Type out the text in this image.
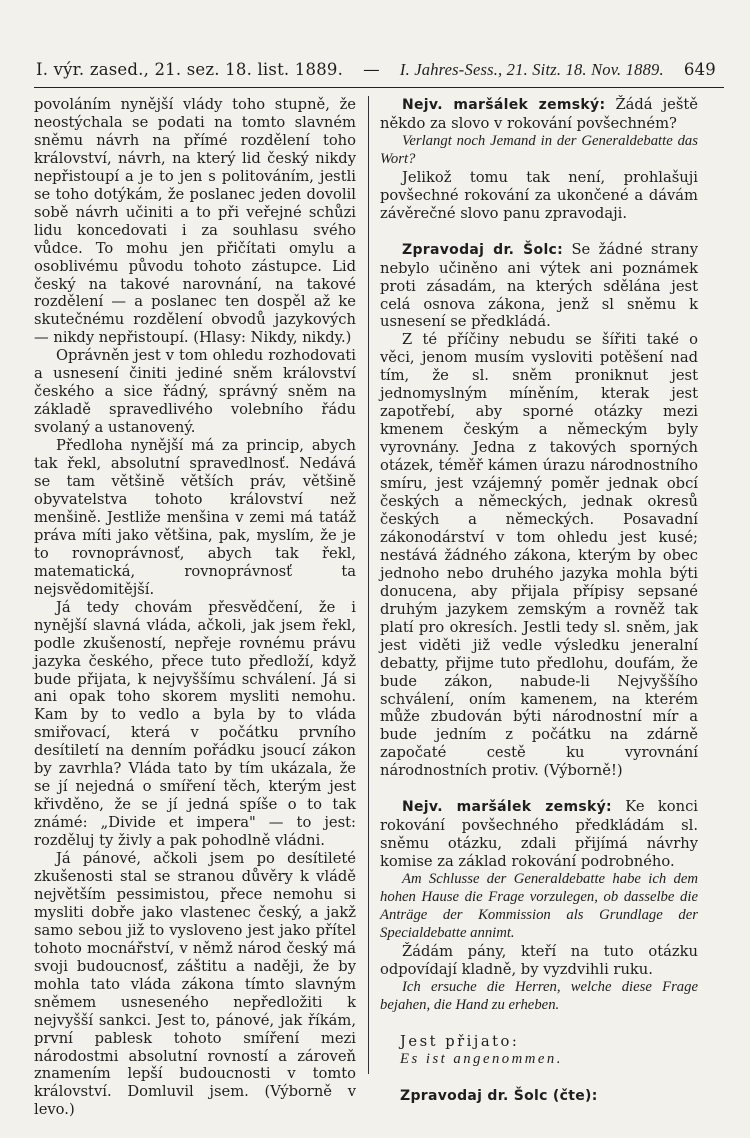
I. výr. zased., 21. sez. 18. list. 1889. — I. Jahres-Sess., 21. Sitz. 18. Nov. 1889. 649

povoláním nynější vlády toho stupně, že neostýchala se podati na tomto slavném sněmu návrh na přímé rozdělení toho království, návrh, na který lid český nikdy nepřistoupí a je to jen s politováním, jestli se toho dotýkám, že poslanec jeden dovolil sobě návrh učiniti a to při veřejné schůzi lidu koncedovati i za souhlasu svého vůdce. To mohu jen přičítati omylu a osoblivému původu tohoto zástupce. Lid český na takové narovnání, na takové rozdělení — a poslanec ten dospěl až ke skutečnému rozdělení obvodů jazykových — nikdy nepřistoupí. (Hlasy: Nikdy, nikdy.)

Oprávněn jest v tom ohledu rozhodovati a usnesení činiti jediné sněm království českého a sice řádný, správný sněm na základě spravedlivého volebního řádu svolaný a ustanovený.

Předloha nynější má za princip, abych tak řekl, absolutní spravedlnosť. Nedává se tam většině větších práv, většině obyvatelstva tohoto království než menšině. Jestliže menšina v zemi má tatáž práva míti jako většina, pak, myslím, že je to rovnoprávnosť, abych tak řekl, matematická, rovnoprávnosť ta nejsvědomitější.

Já tedy chovám přesvědčení, že i nynější slavná vláda, ačkoli, jak jsem řekl, podle zkušeností, nepřeje rovnému právu jazyka českého, přece tuto předloží, když bude přijata, k nejvyššímu schválení. Já si ani opak toho skorem mysliti nemohu. Kam by to vedlo a byla by to vláda smiřovací, která v počátku prvního desítiletí na denním pořádku jsoucí zákon by zavrhla? Vláda tato by tím ukázala, že se jí nejedná o smíření těch, kterým jest křivděno, že se jí jedná spíše o to tak známé: „Divide et impera" — to jest: rozděluj ty živly a pak pohodlně vládni.

Já pánové, ačkoli jsem po desítileté zkušenosti stal se stranou důvěry k vládě největším pessimistou, přece nemohu si mysliti dobře jako vlastenec český, a jakž samo sebou již to vysloveno jest jako přítel tohoto mocnářství, v němž národ český má svoji budoucnosť, záštitu a naději, že by mohla tato vláda zákona tímto slavným sněmem usneseného nepředložiti k nejvyšší sankci. Jest to, pánové, jak říkám, první pablesk tohoto smíření mezi národostmi absolutní rovností a zároveň znamením lepší budoucnosti v tomto království. Domluvil jsem. (Výborně v levo.)

Nejv. maršálek zemský: Žádá ještě někdo za slovo v rokování povšechném?

Verlangt noch Jemand in der Generaldebatte das Wort?

Jelikož tomu tak není, prohlašuji povšechné rokování za ukončené a dávám závěrečné slovo panu zpravodaji.

Zpravodaj dr. Šolc: Se žádné strany nebylo učiněno ani výtek ani poznámek proti zásadám, na kterých sdělána jest celá osnova zákona, jenž sl sněmu k usnesení se předkládá.

Z té příčiny nebudu se šířiti také o věci, jenom musím vysloviti potěšení nad tím, že sl. sněm proniknut jest jednomyslným míněním, kterak jest zapotřebí, aby sporné otázky mezi kmenem českým a německým byly vyrovnány. Jedna z takových sporných otázek, téměř kámen úrazu národnostního smíru, jest vzájemný poměr jednak obcí českých a německých, jednak okresů českých a německých. Posavadní zákonodárství v tom ohledu jest kusé; nestává žádného zákona, kterým by obec jednoho nebo druhého jazyka mohla býti donucena, aby přijala přípisy sepsané druhým jazykem zemským a rovněž tak platí pro okresích. Jestli tedy sl. sněm, jak jest viděti již vedle výsledku jeneralní debatty, přijme tuto předlohu, doufám, že bude zákon, nabude-li Nejvyššího schválení, oním kamenem, na kterém může zbudován býti národnostní mír a bude jedním z počátku na zdárně započaté cestě ku vyrovnání národnostních protiv. (Výborně!)

Nejv. maršálek zemský: Ke konci rokování povšechného předkládám sl. sněmu otázku, zdali přijímá návrhy komise za základ rokování podrobného.

Am Schlusse der Generaldebatte habe ich dem hohen Hause die Frage vorzulegen, ob dasselbe die Anträge der Kommission als Grundlage der Specialdebatte annimt.

Žádám pány, kteří na tuto otázku odpovídají kladně, by vyzdvihli ruku.

Ich ersuche die Herren, welche diese Frage bejahen, die Hand zu erheben.

Jest přijato:

Es ist angenommen.

Zpravodaj dr. Šolc (čte):
